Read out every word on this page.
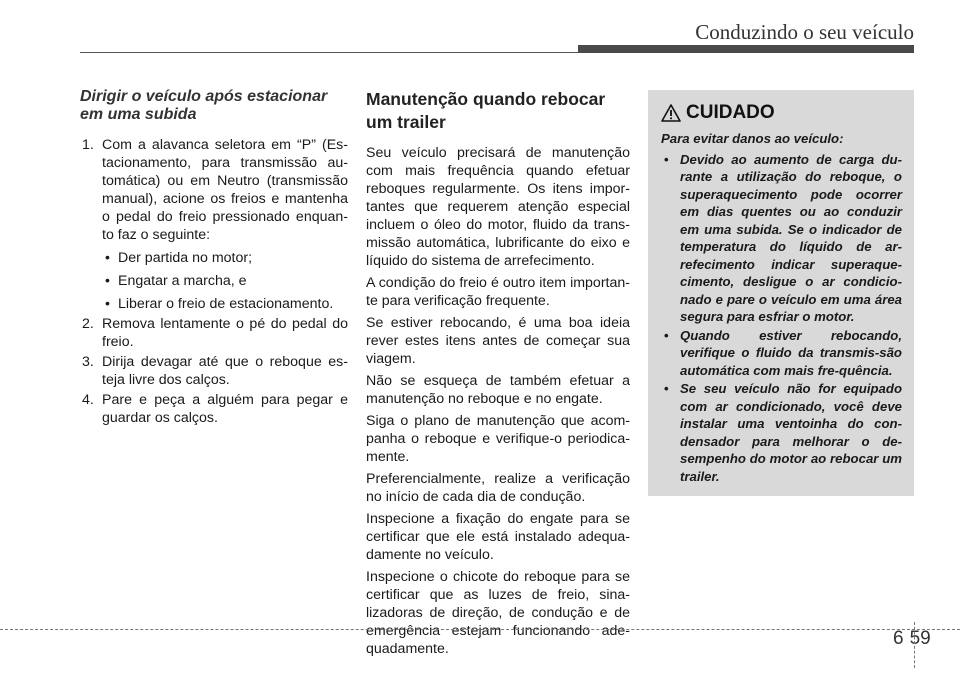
Conduzindo o seu veículo
Dirigir o veículo após estacionar em uma subida
1. Com a alavanca seletora em “P” (Es-tacionamento, para transmissão au-tomática) ou em Neutro (transmissão manual), acione os freios e mantenha o pedal do freio pressionado enquan-to faz o seguinte:
• Der partida no motor;
• Engatar a marcha, e
• Liberar o freio de estacionamento.
2. Remova lentamente o pé do pedal do freio.
3. Dirija devagar até que o reboque es-teja livre dos calços.
4. Pare e peça a alguém para pegar e guardar os calços.
Manutenção quando rebocar um trailer

Seu veículo precisará de manutenção com mais frequência quando efetuar reboques regularmente. Os itens impor-tantes que requerem atenção especial incluem o óleo do motor, fluido da trans-missão automática, lubrificante do eixo e líquido do sistema de arrefecimento.

A condição do freio é outro item importan-te para verificação frequente.

Se estiver rebocando, é uma boa ideia rever estes itens antes de começar sua viagem.

Não se esqueça de também efetuar a manutenção no reboque e no engate.

Siga o plano de manutenção que acom-panha o reboque e verifique-o periodica-mente.

Preferencialmente, realize a verificação no início de cada dia de condução.

Inspecione a fixação do engate para se certificar que ele está instalado adequa-damente no veículo.

Inspecione o chicote do reboque para se certificar que as luzes de freio, sina-lizadoras de direção, de condução e de emergência estejam funcionando ade-quadamente.

CUIDADO

Para evitar danos ao veículo:

• Devido ao aumento de carga du-rante a utilização do reboque, o superaquecimento pode ocorrer em dias quentes ou ao conduzir em uma subida. Se o indicador de temperatura do líquido de ar-refecimento indicar superaque-cimento, desligue o ar condicio-nado e pare o veículo em uma área segura para esfriar o motor.
• Quando estiver rebocando, verifique o fluido da transmis-são automática com mais fre-quência.
• Se seu veículo não for equipado com ar condicionado, você deve instalar uma ventoinha do con-densador para melhorar o de-sempenho do motor ao rebocar um trailer.
6 59
